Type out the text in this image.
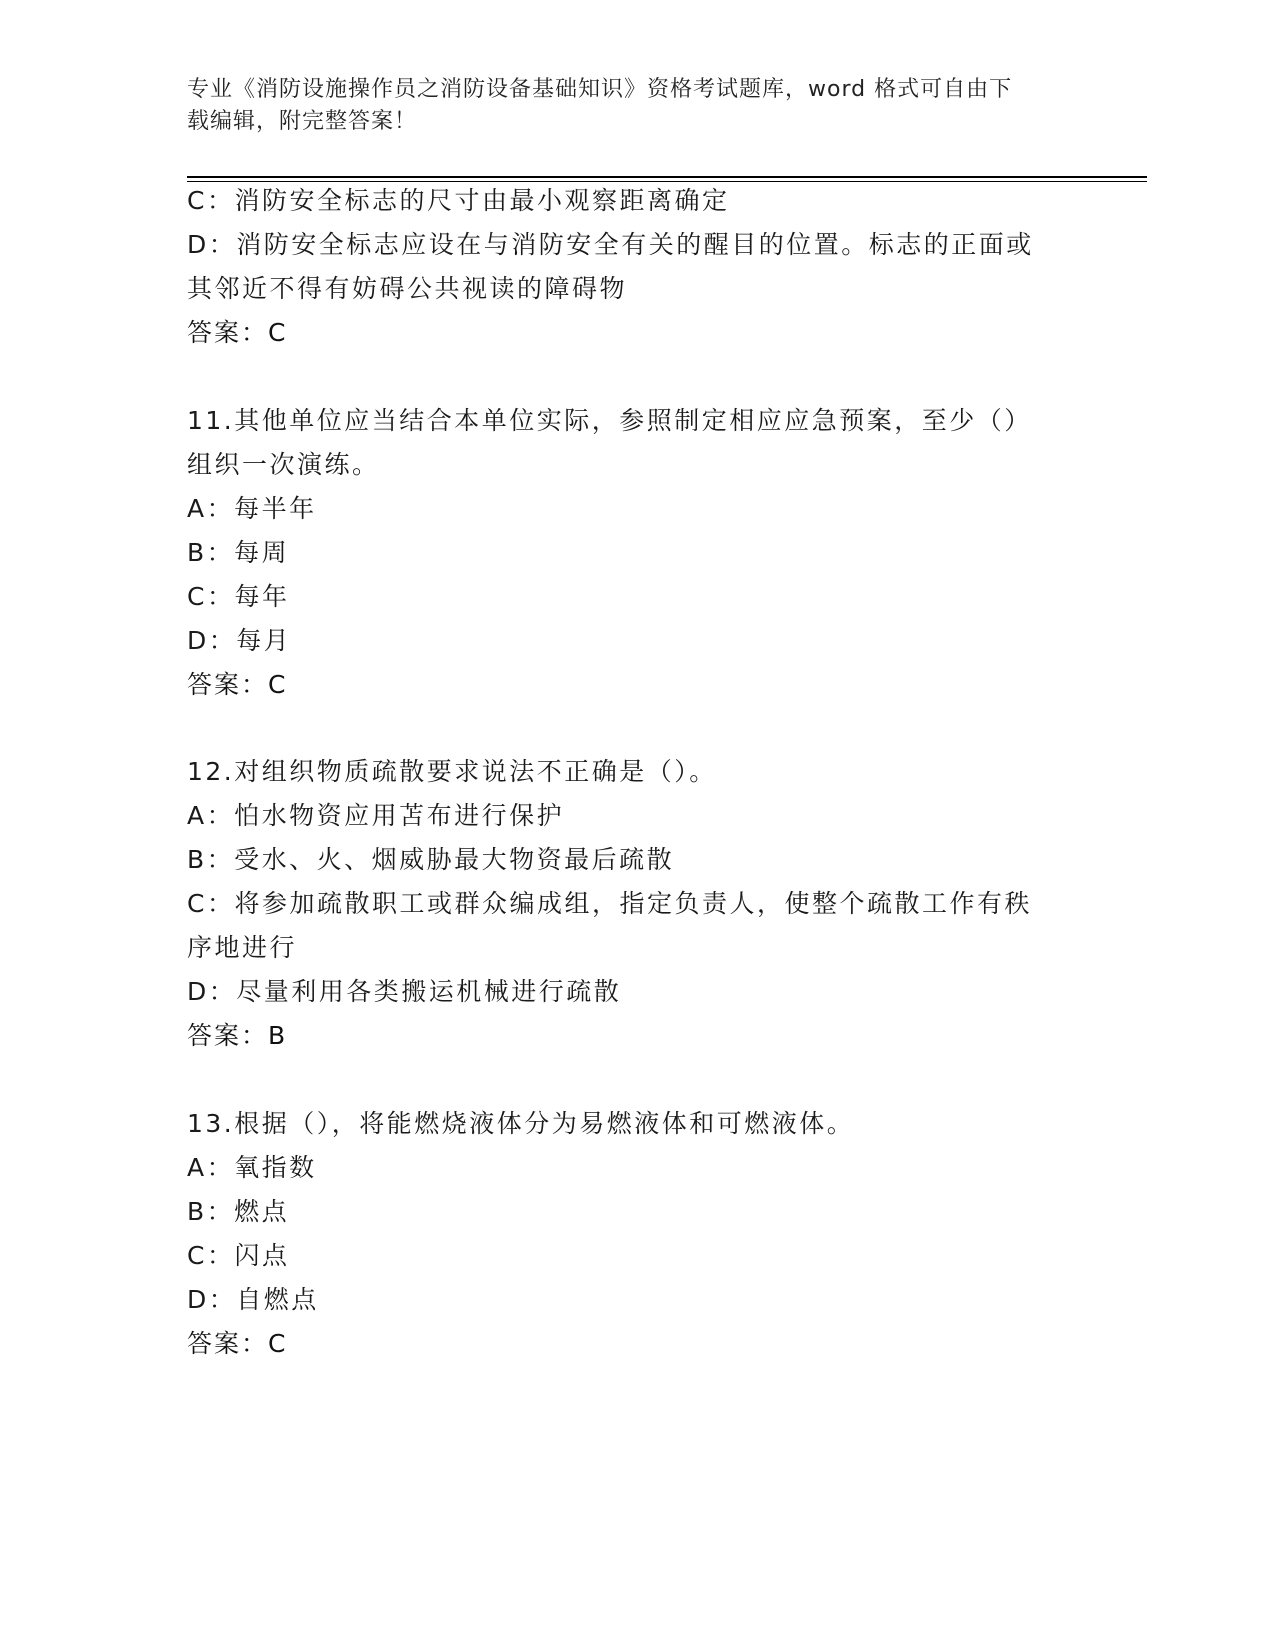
专业《消防设施操作员之消防设备基础知识》资格考试题库，word 格式可自由下
载编辑，附完整答案！
C：消防安全标志的尺寸由最小观察距离确定
D：消防安全标志应设在与消防安全有关的醒目的位置。标志的正面或
其邻近不得有妨碍公共视读的障碍物
答案：C
11.其他单位应当结合本单位实际，参照制定相应应急预案，至少（）
组织一次演练。
A：每半年
B：每周
C：每年
D：每月
答案：C
12.对组织物质疏散要求说法不正确是（）。
A：怕水物资应用苫布进行保护
B：受水、火、烟威胁最大物资最后疏散
C：将参加疏散职工或群众编成组，指定负责人，使整个疏散工作有秩
序地进行
D：尽量利用各类搬运机械进行疏散
答案：B
13.根据（），将能燃烧液体分为易燃液体和可燃液体。
A：氧指数
B：燃点
C：闪点
D：自燃点
答案：C
